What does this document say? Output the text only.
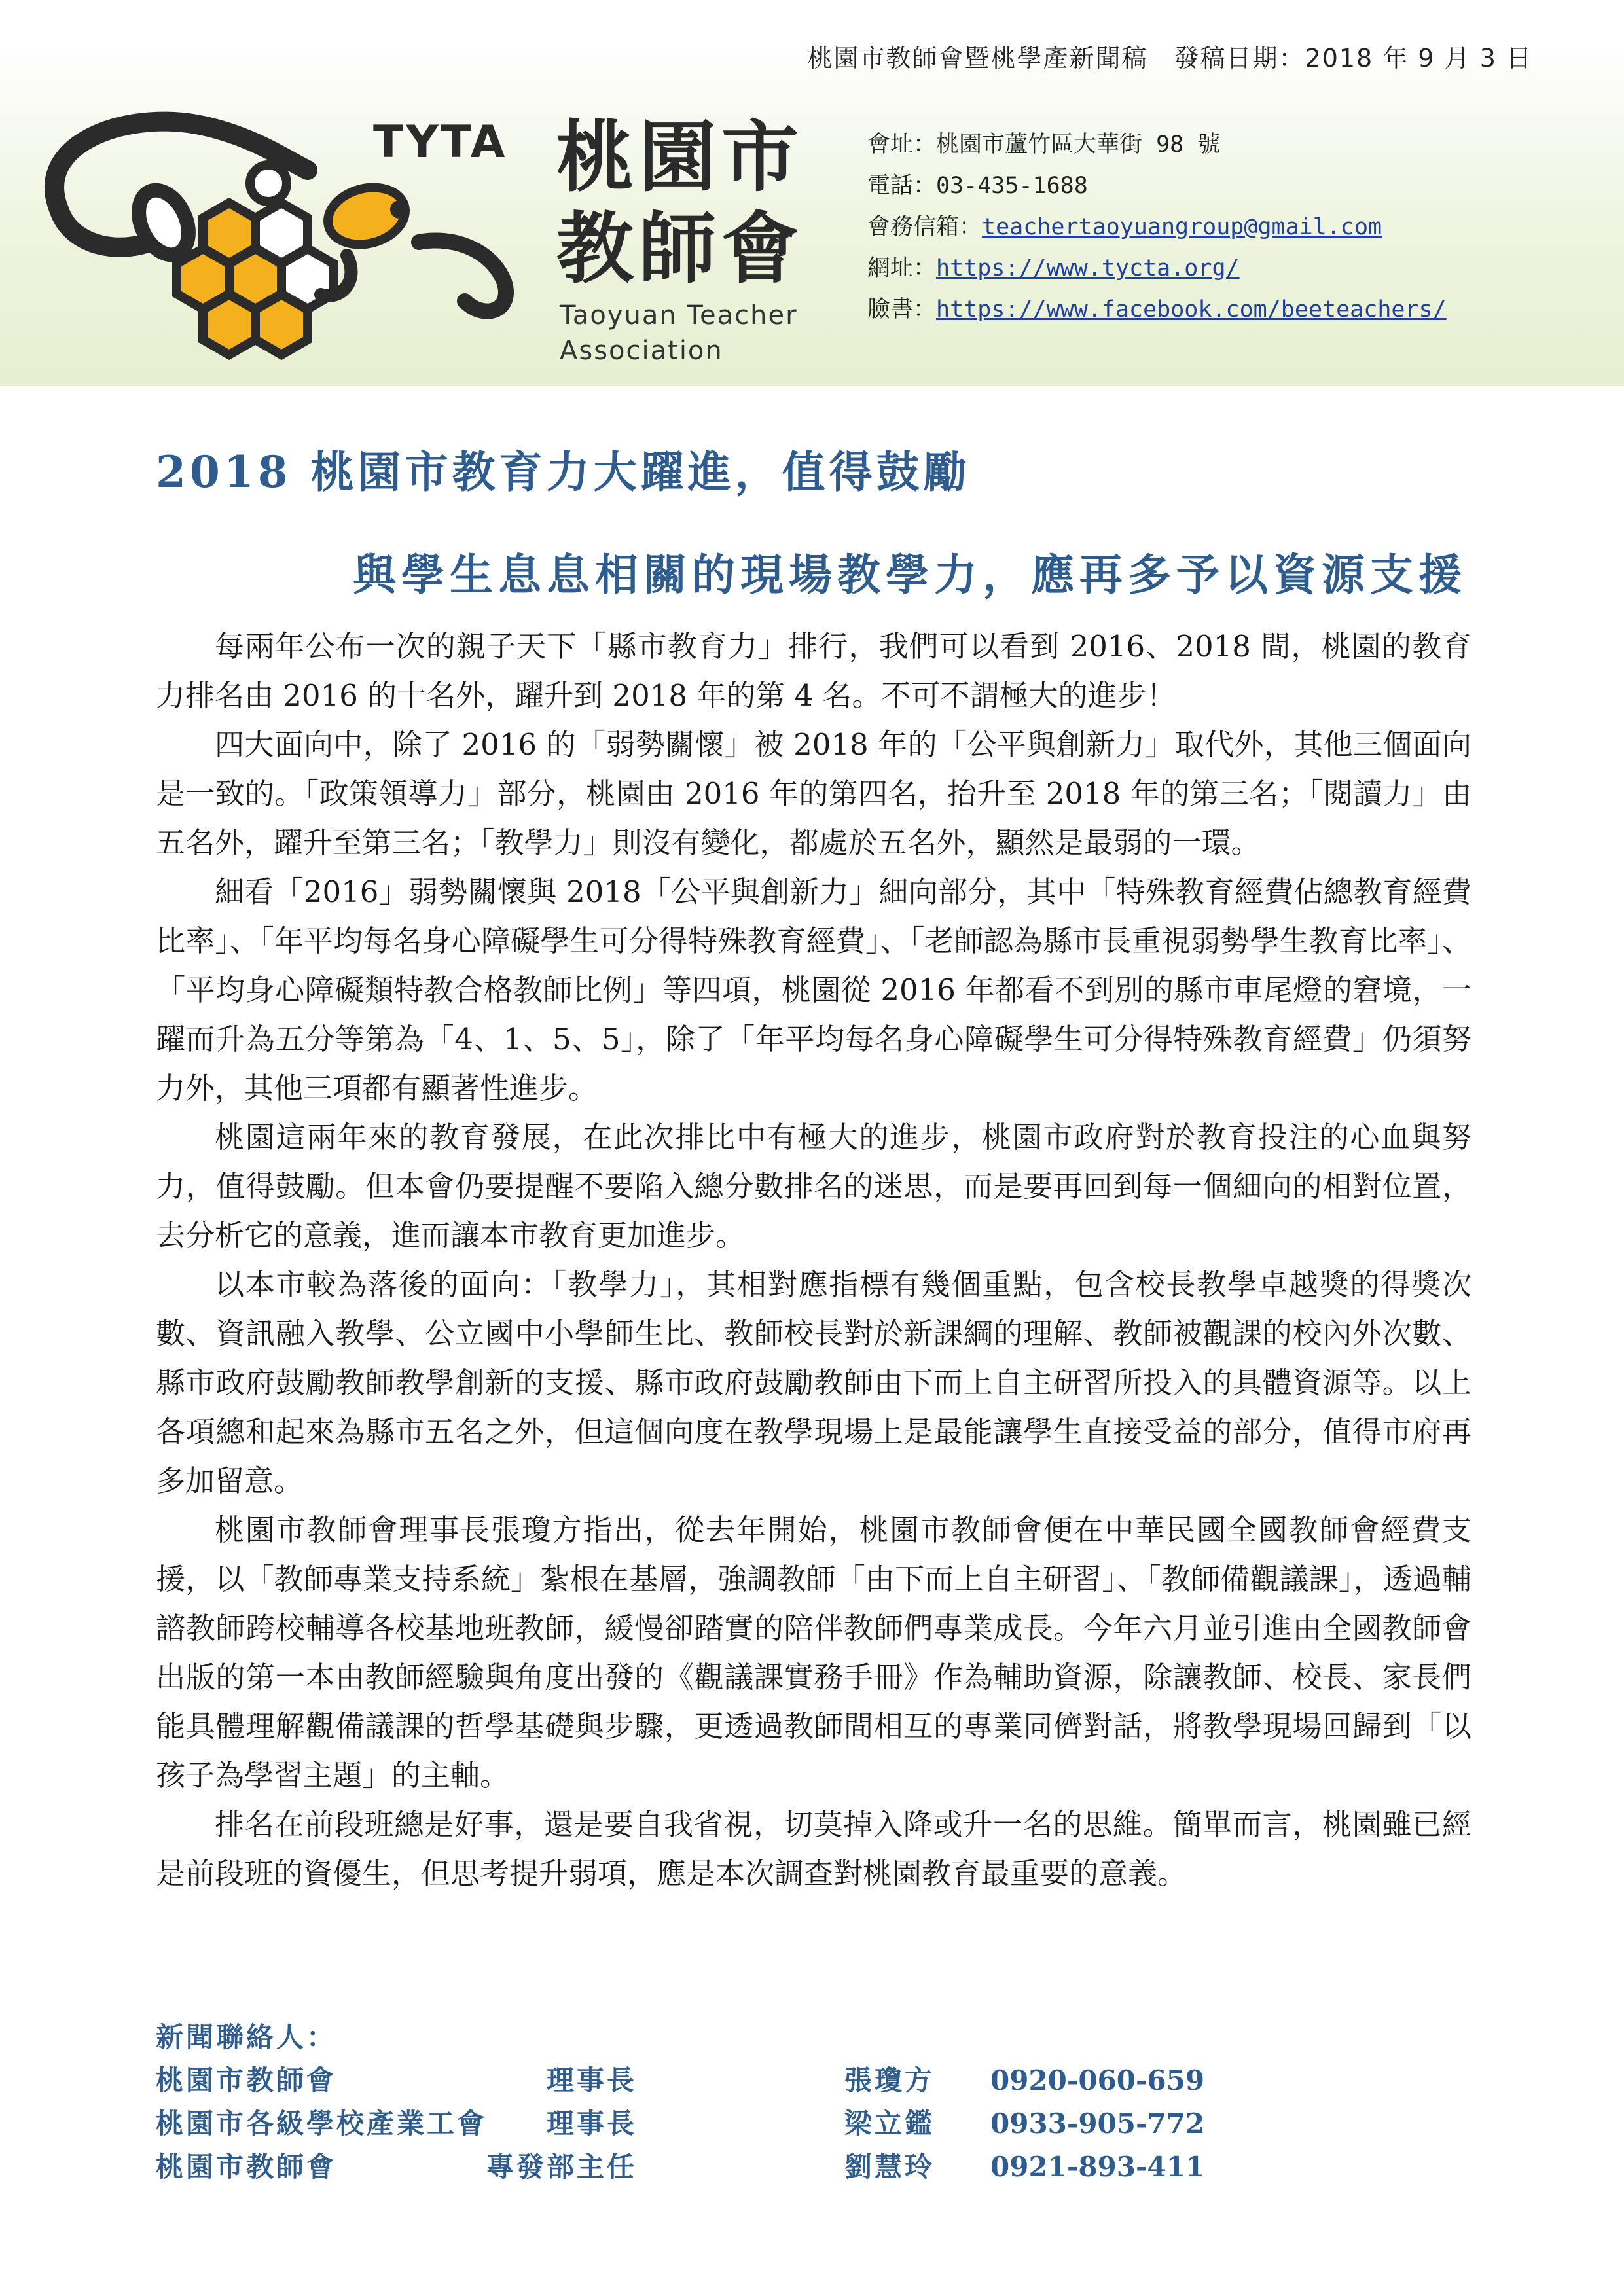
桃園市教師會暨桃學產新聞稿 發稿日期：2018 年 9 月 3 日
TYTA 桃園市
教師會
Taoyuan Teacher
Association
會址：桃園市蘆竹區大華街 98 號
電話：03-435-1688
會務信箱：teachertaoyuangroup@gmail.com
網址：https://www.tycta.org/
臉書：https://www.facebook.com/beeteachers/
2018 桃園市教育力大躍進，值得鼓勵
與學生息息相關的現場教學力，應再多予以資源支援

每兩年公布一次的親子天下「縣市教育力」排行，我們可以看到 2016、2018 間，桃園的教育力排名由 2016 的十名外，躍升到 2018 年的第 4 名。不可不謂極大的進步！

四大面向中，除了 2016 的「弱勢關懷」被 2018 年的「公平與創新力」取代外，其他三個面向是一致的。「政策領導力」部分，桃園由 2016 年的第四名，抬升至 2018 年的第三名；「閱讀力」由五名外，躍升至第三名；「教學力」則沒有變化，都處於五名外，顯然是最弱的一環。

細看「2016」弱勢關懷與 2018「公平與創新力」細向部分，其中「特殊教育經費佔總教育經費比率」、「年平均每名身心障礙學生可分得特殊教育經費」、「老師認為縣市長重視弱勢學生教育比率」、「平均身心障礙類特教合格教師比例」等四項，桃園從 2016 年都看不到別的縣市車尾燈的窘境，一躍而升為五分等第為「4、1、5、5」，除了「年平均每名身心障礙學生可分得特殊教育經費」仍須努力外，其他三項都有顯著性進步。

桃園這兩年來的教育發展，在此次排比中有極大的進步，桃園市政府對於教育投注的心血與努力，值得鼓勵。但本會仍要提醒不要陷入總分數排名的迷思，而是要再回到每一個細向的相對位置，去分析它的意義，進而讓本市教育更加進步。

以本市較為落後的面向：「教學力」，其相對應指標有幾個重點，包含校長教學卓越獎的得獎次數、資訊融入教學、公立國中小學師生比、教師校長對於新課綱的理解、教師被觀課的校內外次數、縣市政府鼓勵教師教學創新的支援、縣市政府鼓勵教師由下而上自主研習所投入的具體資源等。以上各項總和起來為縣市五名之外，但這個向度在教學現場上是最能讓學生直接受益的部分，值得市府再多加留意。

桃園市教師會理事長張瓊方指出，從去年開始，桃園市教師會便在中華民國全國教師會經費支援，以「教師專業支持系統」紮根在基層，強調教師「由下而上自主研習」、「教師備觀議課」，透過輔諮教師跨校輔導各校基地班教師，緩慢卻踏實的陪伴教師們專業成長。今年六月並引進由全國教師會出版的第一本由教師經驗與角度出發的《觀議課實務手冊》作為輔助資源，除讓教師、校長、家長們能具體理解觀備議課的哲學基礎與步驟，更透過教師間相互的專業同儕對話，將教學現場回歸到「以孩子為學習主題」的主軸。

排名在前段班總是好事，還是要自我省視，切莫掉入降或升一名的思維。簡單而言，桃園雖已經是前段班的資優生，但思考提升弱項，應是本次調查對桃園教育最重要的意義。

新聞聯絡人：
桃園市教師會	理事長	張瓊方 0920-060-659
桃園市各級學校產業工會 理事長	梁立鑑 0933-905-772
桃園市教師會	專發部主任	劉慧玲 0921-893-411
